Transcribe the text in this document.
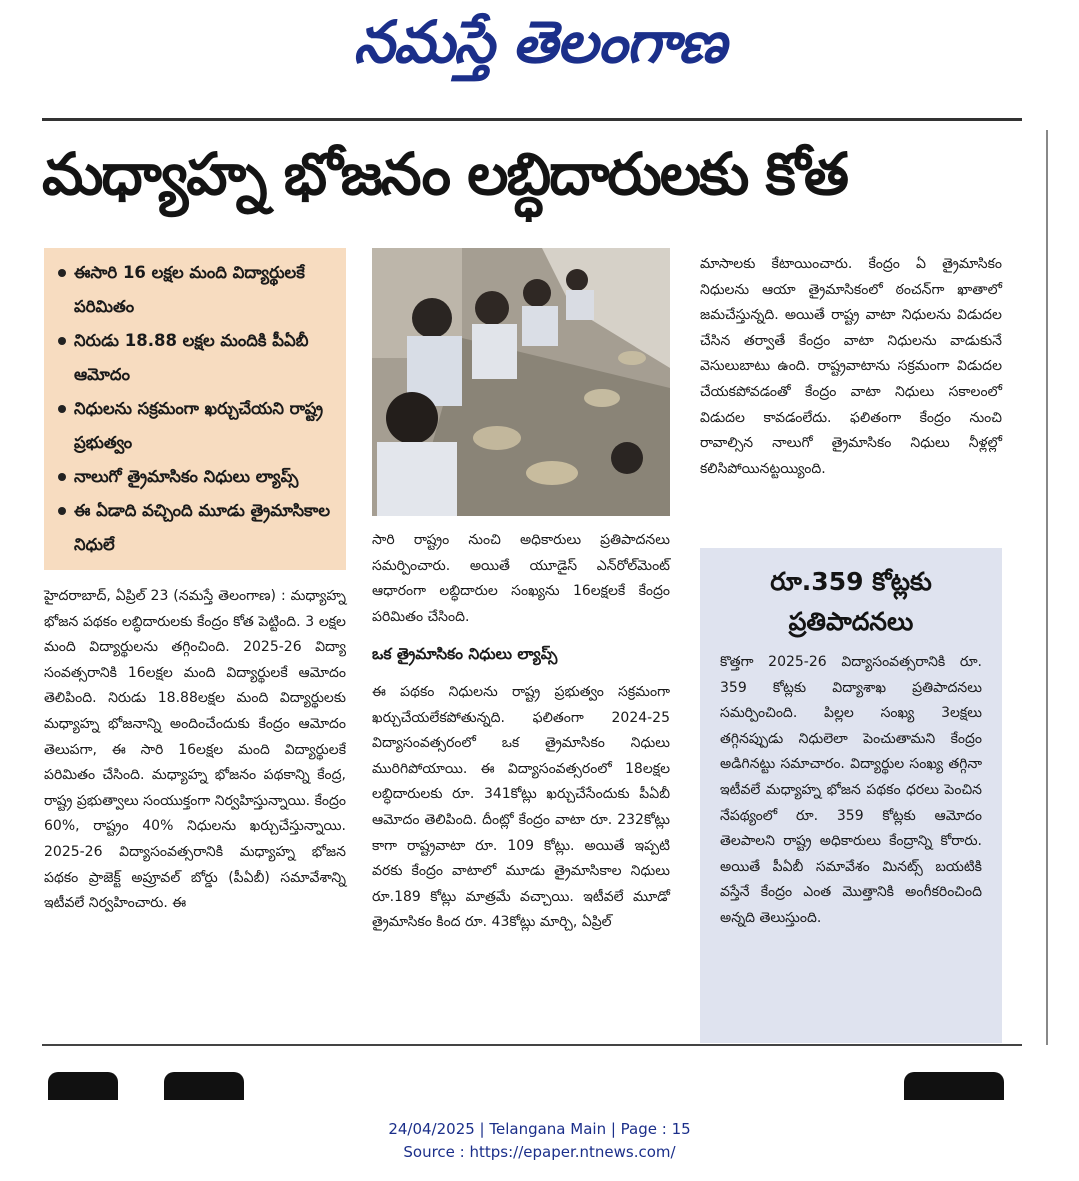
నమస్తే తెలంగాణ
మధ్యాహ్న భోజనం లబ్ధిదారులకు కోత
ఈసారి 16 లక్షల మంది విద్యార్థులకే పరిమితం
నిరుడు 18.88 లక్షల మందికి పీఏబీ ఆమోదం
నిధులను సక్రమంగా ఖర్చుచేయని రాష్ట్ర ప్రభుత్వం
నాలుగో త్రైమాసికం నిధులు ల్యాప్స్
ఈ ఏడాది వచ్చింది మూడు త్రైమాసికాల నిధులే

హైదరాబాద్, ఏప్రిల్ 23 (నమస్తే తెలంగాణ) : మధ్యాహ్న భోజన పథకం లబ్ధిదారులకు కేంద్రం కోత పెట్టింది. 3 లక్షల మంది విద్యార్థులను తగ్గించింది. 2025-26 విద్యా సంవత్సరానికి 16లక్షల మంది విద్యార్థులకే ఆమోదం తెలిపింది. నిరుడు 18.88లక్షల మంది విద్యార్థులకు మధ్యాహ్న భోజనాన్ని అందించేందుకు కేంద్రం ఆమోదం తెలుపగా, ఈ సారి 16లక్షల మంది విద్యార్థులకే పరిమితం చేసింది. మధ్యాహ్న భోజనం పథకాన్ని కేంద్ర, రాష్ట్ర ప్రభుత్వాలు సంయుక్తంగా నిర్వహిస్తున్నాయి. కేంద్రం 60%, రాష్ట్రం 40% నిధులను ఖర్చుచేస్తున్నాయి. 2025-26 విద్యాసంవత్సరానికి మధ్యాహ్న భోజన పథకం ప్రాజెక్ట్ అప్రూవల్ బోర్డు (పీఏబీ) సమావేశాన్ని ఇటీవలే నిర్వహించారు. ఈ

సారి రాష్ట్రం నుంచి అధికారులు ప్రతిపాదనలు సమర్పించారు. అయితే యూడైస్ ఎన్‌రోల్‌మెంట్ ఆధారంగా లబ్ధిదారుల సంఖ్యను 16లక్షలకే కేంద్రం పరిమితం చేసింది.

ఒక త్రైమాసికం నిధులు ల్యాప్స్

ఈ పథకం నిధులను రాష్ట్ర ప్రభుత్వం సక్రమంగా ఖర్చుచేయలేకపోతున్నది. ఫలితంగా 2024-25 విద్యాసంవత్సరంలో ఒక త్రైమాసికం నిధులు మురిగిపోయాయి. ఈ విద్యాసంవత్సరంలో 18లక్షల లబ్ధిదారులకు రూ. 341కోట్లు ఖర్చుచేసేందుకు పీఏబీ ఆమోదం తెలిపింది. దీంట్లో కేంద్రం వాటా రూ. 232కోట్లు కాగా రాష్ట్రవాటా రూ. 109 కోట్లు. అయితే ఇప్పటి వరకు కేంద్రం వాటాలో మూడు త్రైమాసికాల నిధులు రూ.189 కోట్లు మాత్రమే వచ్చాయి. ఇటీవలే మూడో త్రైమాసికం కింద రూ. 43కోట్లు మార్చి, ఏప్రిల్

మాసాలకు కేటాయించారు. కేంద్రం ఏ త్రైమాసికం నిధులను ఆయా త్రైమాసికంలో ఠంచన్‌గా ఖాతాలో జమచేస్తున్నది. అయితే రాష్ట్ర వాటా నిధులను విడుదల చేసిన తర్వాతే కేంద్రం వాటా నిధులను వాడుకునే వెసులుబాటు ఉంది. రాష్ట్రవాటాను సక్రమంగా విడుదల చేయకపోవడంతో కేంద్రం వాటా నిధులు సకాలంలో విడుదల కావడంలేదు. ఫలితంగా కేంద్రం నుంచి రావాల్సిన నాలుగో త్రైమాసికం నిధులు నీళ్లల్లో కలిసిపోయినట్టయ్యింది.

రూ.359 కోట్లకు ప్రతిపాదనలు
కొత్తగా 2025-26 విద్యాసంవత్సరానికి రూ. 359 కోట్లకు విద్యాశాఖ ప్రతిపాదనలు సమర్పించింది. పిల్లల సంఖ్య 3లక్షలు తగ్గినప్పుడు నిధులెలా పెంచుతామని కేంద్రం అడిగినట్టు సమాచారం. విద్యార్థుల సంఖ్య తగ్గినా ఇటీవలే మధ్యాహ్న భోజన పథకం ధరలు పెంచిన నేపథ్యంలో రూ. 359 కోట్లకు ఆమోదం తెలపాలని రాష్ట్ర అధికారులు కేంద్రాన్ని కోరారు. అయితే పీఏబీ సమావేశం మినట్స్ బయటికి వస్తేనే కేంద్రం ఎంత మొత్తానికి అంగీకరించింది అన్నది తెలుస్తుంది.
24/04/2025 | Telangana Main | Page : 15
Source : https://epaper.ntnews.com/
